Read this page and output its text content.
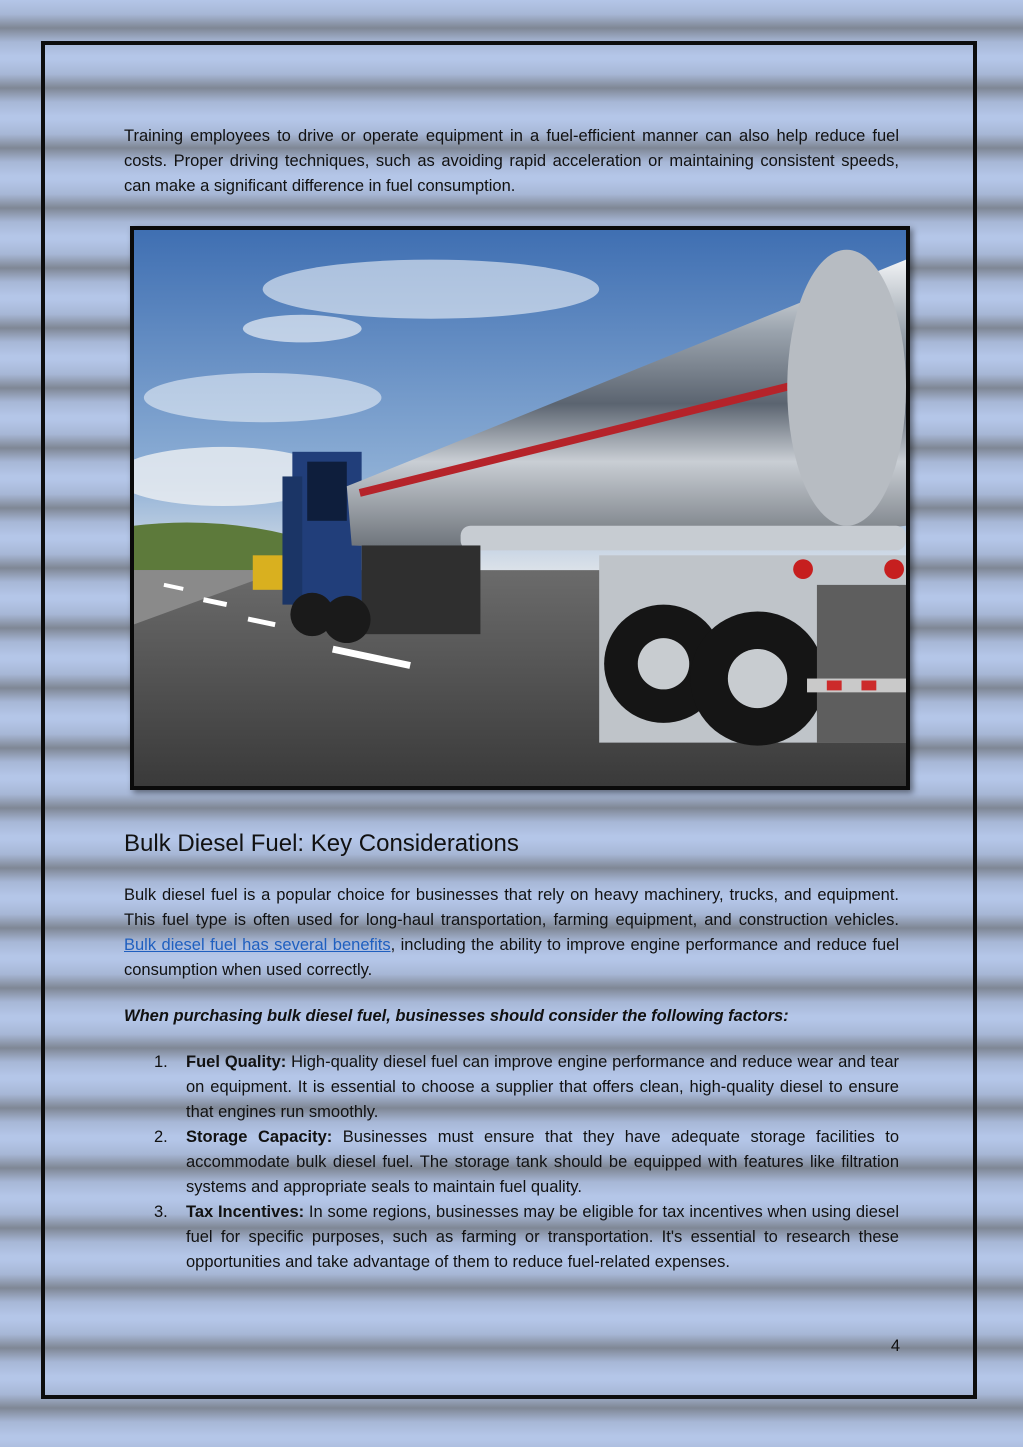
Training employees to drive or operate equipment in a fuel-efficient manner can also help reduce fuel costs. Proper driving techniques, such as avoiding rapid acceleration or maintaining consistent speeds, can make a significant difference in fuel consumption.

Bulk Diesel Fuel: Key Considerations

Bulk diesel fuel is a popular choice for businesses that rely on heavy machinery, trucks, and equipment. This fuel type is often used for long-haul transportation, farming equipment, and construction vehicles. Bulk diesel fuel has several benefits, including the ability to improve engine performance and reduce fuel consumption when used correctly.

When purchasing bulk diesel fuel, businesses should consider the following factors:

1. Fuel Quality: High-quality diesel fuel can improve engine performance and reduce wear and tear on equipment. It is essential to choose a supplier that offers clean, high-quality diesel to ensure that engines run smoothly.
2. Storage Capacity: Businesses must ensure that they have adequate storage facilities to accommodate bulk diesel fuel. The storage tank should be equipped with features like filtration systems and appropriate seals to maintain fuel quality.
3. Tax Incentives: In some regions, businesses may be eligible for tax incentives when using diesel fuel for specific purposes, such as farming or transportation. It's essential to research these opportunities and take advantage of them to reduce fuel-related expenses.
4
